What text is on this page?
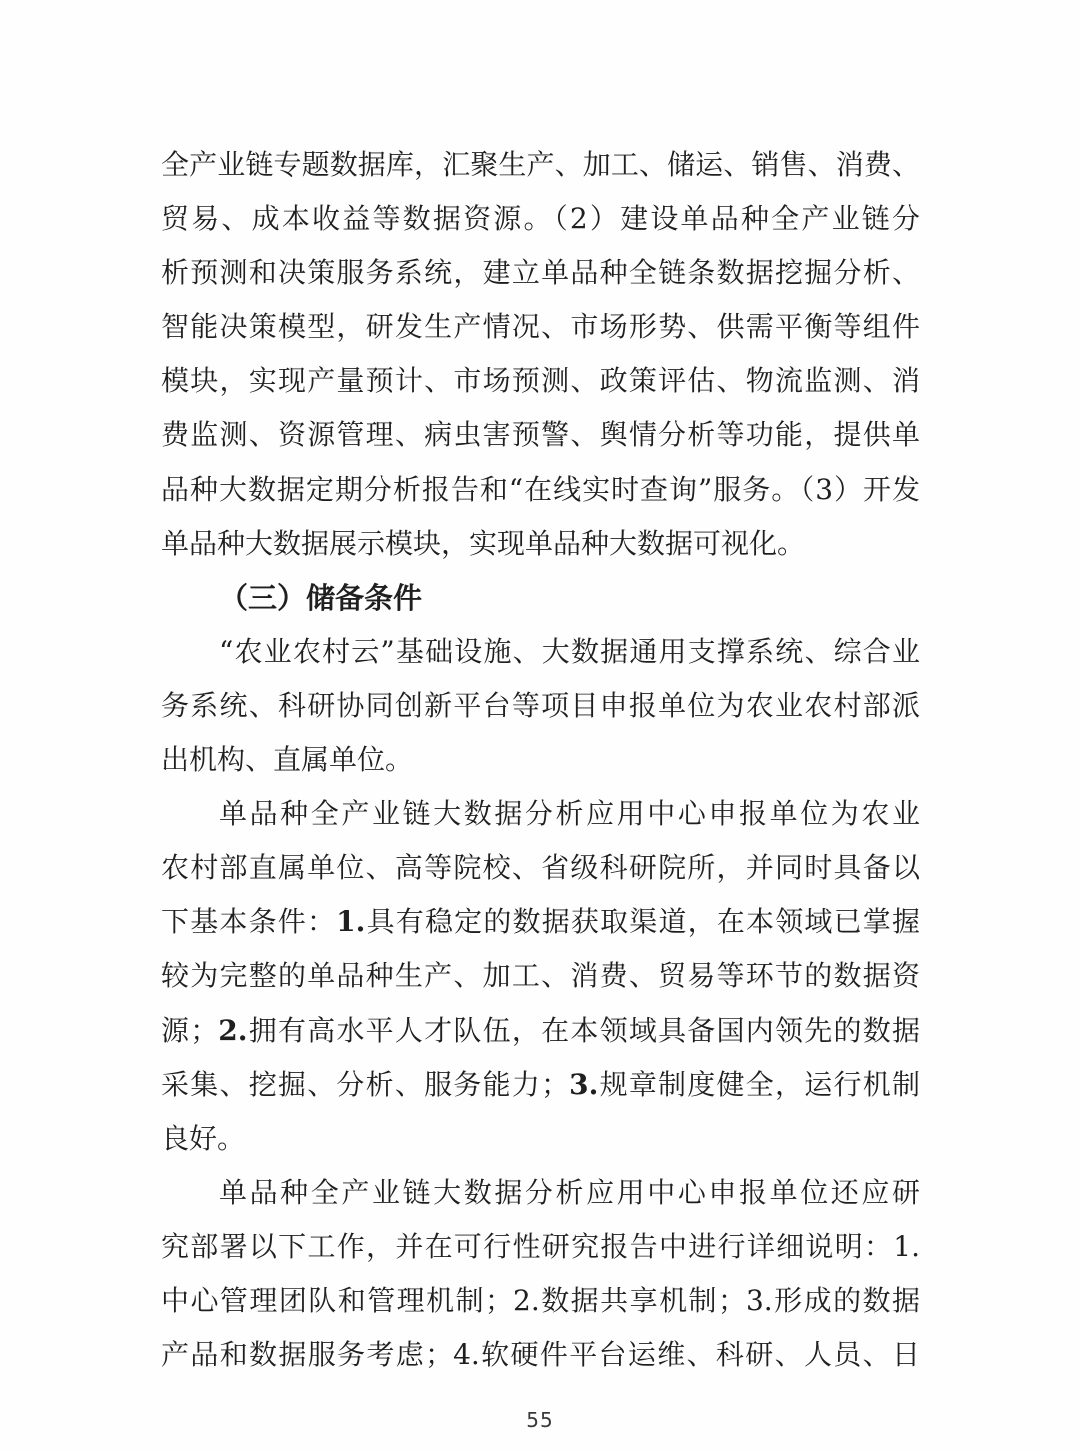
全产业链专题数据库，汇聚生产、加工、储运、销售、消费、
贸易、成本收益等数据资源。（2）建设单品种全产业链分
析预测和决策服务系统，建立单品种全链条数据挖掘分析、
智能决策模型，研发生产情况、市场形势、供需平衡等组件
模块，实现产量预计、市场预测、政策评估、物流监测、消
费监测、资源管理、病虫害预警、舆情分析等功能，提供单
品种大数据定期分析报告和“在线实时查询”服务。（3）开发
单品种大数据展示模块，实现单品种大数据可视化。
（三）储备条件
“农业农村云”基础设施、大数据通用支撑系统、综合业
务系统、科研协同创新平台等项目申报单位为农业农村部派
出机构、直属单位。
单品种全产业链大数据分析应用中心申报单位为农业
农村部直属单位、高等院校、省级科研院所，并同时具备以
下基本条件：1.具有稳定的数据获取渠道，在本领域已掌握
较为完整的单品种生产、加工、消费、贸易等环节的数据资
源；2.拥有高水平人才队伍，在本领域具备国内领先的数据
采集、挖掘、分析、服务能力；3.规章制度健全，运行机制
良好。
单品种全产业链大数据分析应用中心申报单位还应研
究部署以下工作，并在可行性研究报告中进行详细说明：1.
中心管理团队和管理机制；2.数据共享机制；3.形成的数据
产品和数据服务考虑；4.软硬件平台运维、科研、人员、日
55
